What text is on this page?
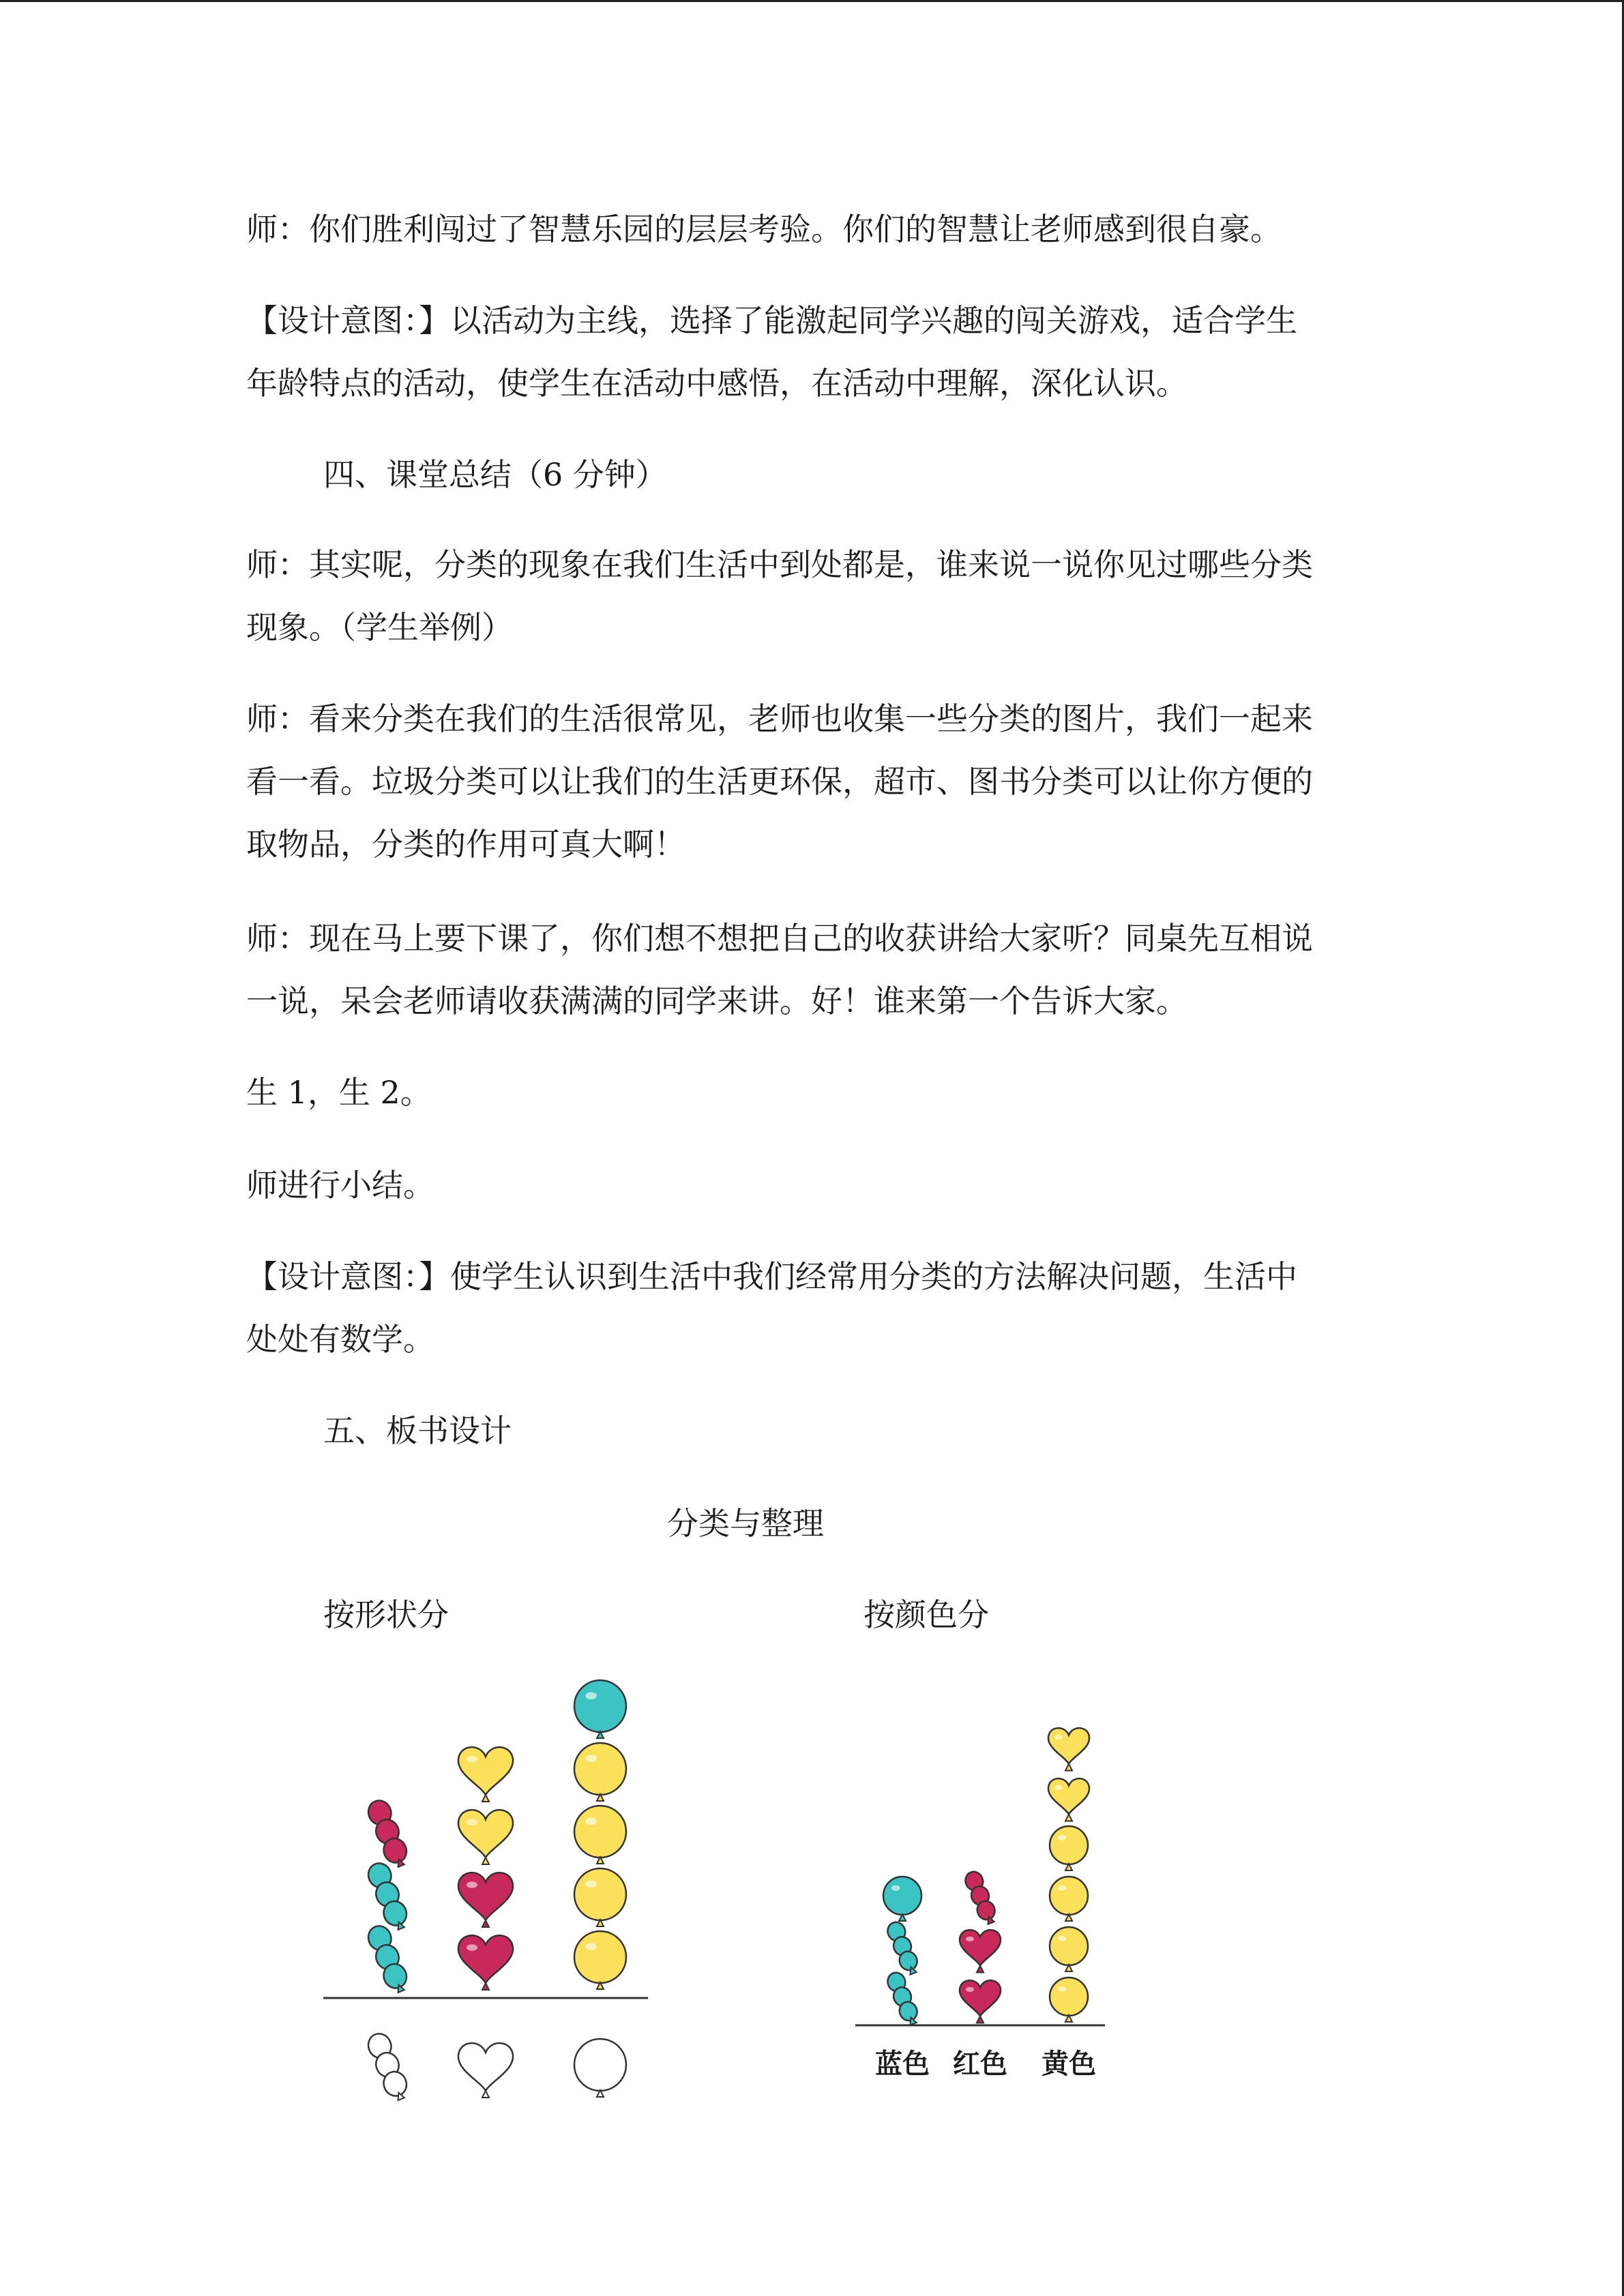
师：你们胜利闯过了智慧乐园的层层考验。你们的智慧让老师感到很自豪。
【设计意图：】以活动为主线，选择了能激起同学兴趣的闯关游戏，适合学生
年龄特点的活动，使学生在活动中感悟，在活动中理解，深化认识。
四、课堂总结（6 分钟）
师：其实呢，分类的现象在我们生活中到处都是，谁来说一说你见过哪些分类
现象。（学生举例）
师：看来分类在我们的生活很常见，老师也收集一些分类的图片，我们一起来
看一看。垃圾分类可以让我们的生活更环保，超市、图书分类可以让你方便的
取物品，分类的作用可真大啊！
师：现在马上要下课了，你们想不想把自己的收获讲给大家听？同桌先互相说
一说，呆会老师请收获满满的同学来讲。好！谁来第一个告诉大家。
生 1，生 2。
师进行小结。
【设计意图：】使学生认识到生活中我们经常用分类的方法解决问题，生活中
处处有数学。
五、板书设计
分类与整理
按形状分	按颜色分
蓝色 红色 黄色
